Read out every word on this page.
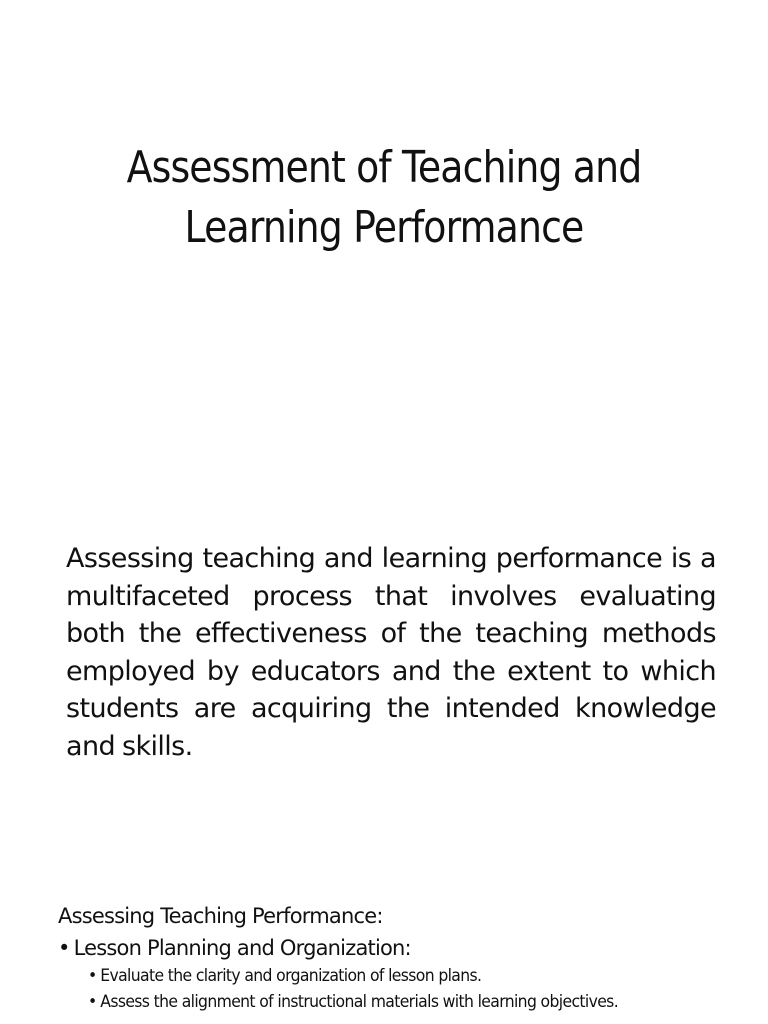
Assessment of Teaching and Learning Performance

Assessing teaching and learning performance is a multifaceted process that involves evaluating both the effectiveness of the teaching methods employed by educators and the extent to which students are acquiring the intended knowledge and skills.

Assessing Teaching Performance:

• Lesson Planning and Organization:

• Evaluate the clarity and organization of lesson plans.

• Assess the alignment of instructional materials with learning objectives.
